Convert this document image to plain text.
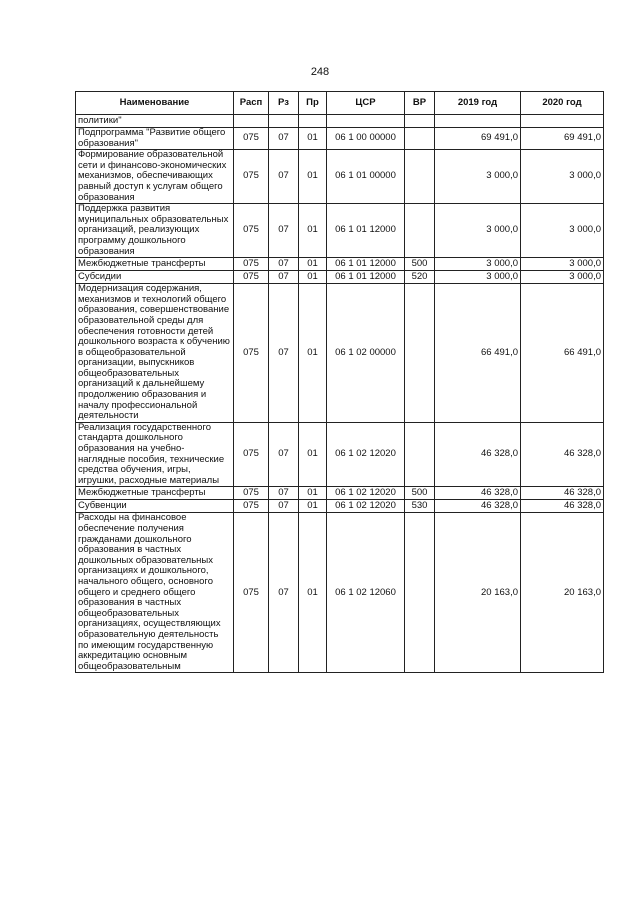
248
Наименование	Расп	Рз	Пр	ЦСР	ВР	2019 год	2020 год
политики"							
Подпрограмма "Развитие общего образования"	075	07	01	06 1 00 00000		69 491,0	69 491,0
Формирование образовательной сети и финансово-экономических механизмов, обеспечивающих равный доступ к услугам общего образования	075	07	01	06 1 01 00000		3 000,0	3 000,0
Поддержка развития муниципальных образовательных организаций, реализующих программу дошкольного образования	075	07	01	06 1 01 12000		3 000,0	3 000,0
Межбюджетные трансферты	075	07	01	06 1 01 12000	500	3 000,0	3 000,0
Субсидии	075	07	01	06 1 01 12000	520	3 000,0	3 000,0
Модернизация содержания, механизмов и технологий общего образования, совершенствование образовательной среды для обеспечения готовности детей дошкольного возраста к обучению в общеобразовательной организации, выпускников общеобразовательных организаций к дальнейшему продолжению образования и началу профессиональной деятельности	075	07	01	06 1 02 00000		66 491,0	66 491,0
Реализация государственного стандарта дошкольного образования на учебно-наглядные пособия, технические средства обучения, игры, игрушки, расходные материалы	075	07	01	06 1 02 12020		46 328,0	46 328,0
Межбюджетные трансферты	075	07	01	06 1 02 12020	500	46 328,0	46 328,0
Субвенции	075	07	01	06 1 02 12020	530	46 328,0	46 328,0
Расходы на финансовое обеспечение получения гражданами дошкольного образования в частных дошкольных образовательных организациях и дошкольного, начального общего, основного общего и среднего общего образования в частных общеобразовательных организациях, осуществляющих образовательную деятельность по имеющим государственную аккредитацию основным общеобразовательным	075	07	01	06 1 02 12060		20 163,0	20 163,0
